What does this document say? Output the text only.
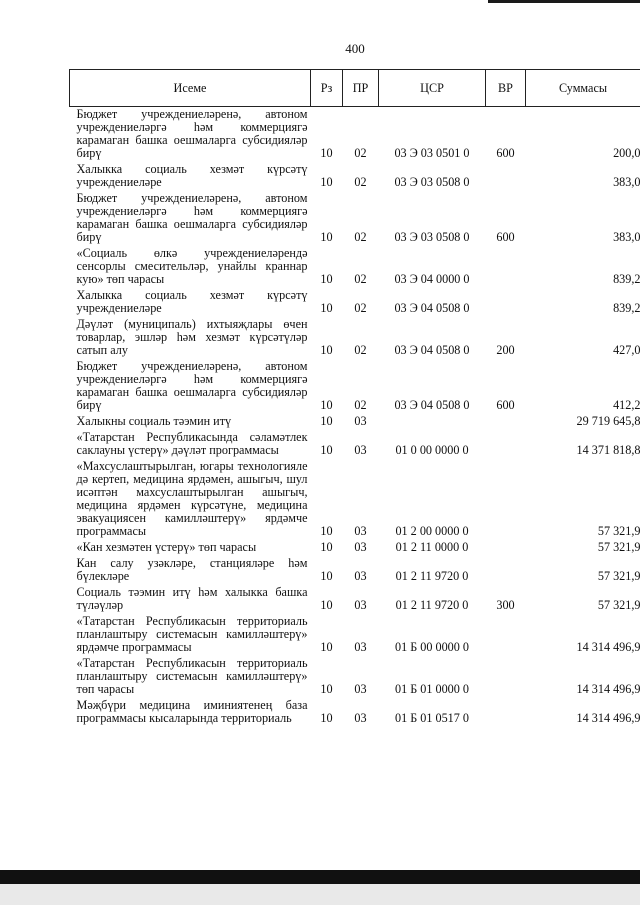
400
Исеме	Рз	ПР	ЦСР	ВР	Суммасы
Бюджет учреждениеләренә, автоном учреждениеләргә һәм коммерциягә карамаган башка оешмаларга субсидияләр бирү	10	02	03 Э 03 0501 0	600	200,0
Халыкка социаль хезмәт күрсәтү учреждениеләре	10	02	03 Э 03 0508 0		383,0
Бюджет учреждениеләренә, автоном учреждениеләргә һәм коммерциягә карамаган башка оешмаларга субсидияләр бирү	10	02	03 Э 03 0508 0	600	383,0
«Социаль өлкә учреждениеләрендә сенсорлы смесительләр, унайлы краннар кую» төп чарасы	10	02	03 Э 04 0000 0		839,2
Халыкка социаль хезмәт күрсәтү учреждениеләре	10	02	03 Э 04 0508 0		839,2
Дәүләт (муниципаль) ихтыяҗлары өчен товарлар, эшләр һәм хезмәт күрсәтүләр сатып алу	10	02	03 Э 04 0508 0	200	427,0
Бюджет учреждениеләренә, автоном учреждениеләргә һәм коммерциягә карамаган башка оешмаларга субсидияләр бирү	10	02	03 Э 04 0508 0	600	412,2
Халыкны социаль тәэмин итү	10	03			29 719 645,8
«Татарстан Республикасында сәламәтлек саклауны үстерү» дәүләт программасы	10	03	01 0 00 0000 0		14 371 818,8
«Махсуслаштырылган, югары технологияле дә кертеп, медицина ярдәмен, ашыгыч, шул исәптән махсуслаштырылган ашыгыч, медицина ярдәмен күрсәтүне, медицина эвакуациясен камилләштерү» ярдәмче программасы	10	03	01 2 00 0000 0		57 321,9
«Кан хезмәтен үстерү» төп чарасы	10	03	01 2 11 0000 0		57 321,9
Кан салу узәкләре, станцияләре һәм бүлекләре	10	03	01 2 11 9720 0		57 321,9
Социаль тәэмин итү һәм халыкка башка түләүләр	10	03	01 2 11 9720 0	300	57 321,9
«Татарстан Республикасын территориаль планлаштыру системасын камилләштерү» ярдәмче программасы	10	03	01 Б 00 0000 0		14 314 496,9
«Татарстан Республикасын территориаль планлаштыру системасын камилләштерү» төп чарасы	10	03	01 Б 01 0000 0		14 314 496,9
Мәҗбүри медицина иминиятенең база программасы кысаларында территориаль	10	03	01 Б 01 0517 0		14 314 496,9
